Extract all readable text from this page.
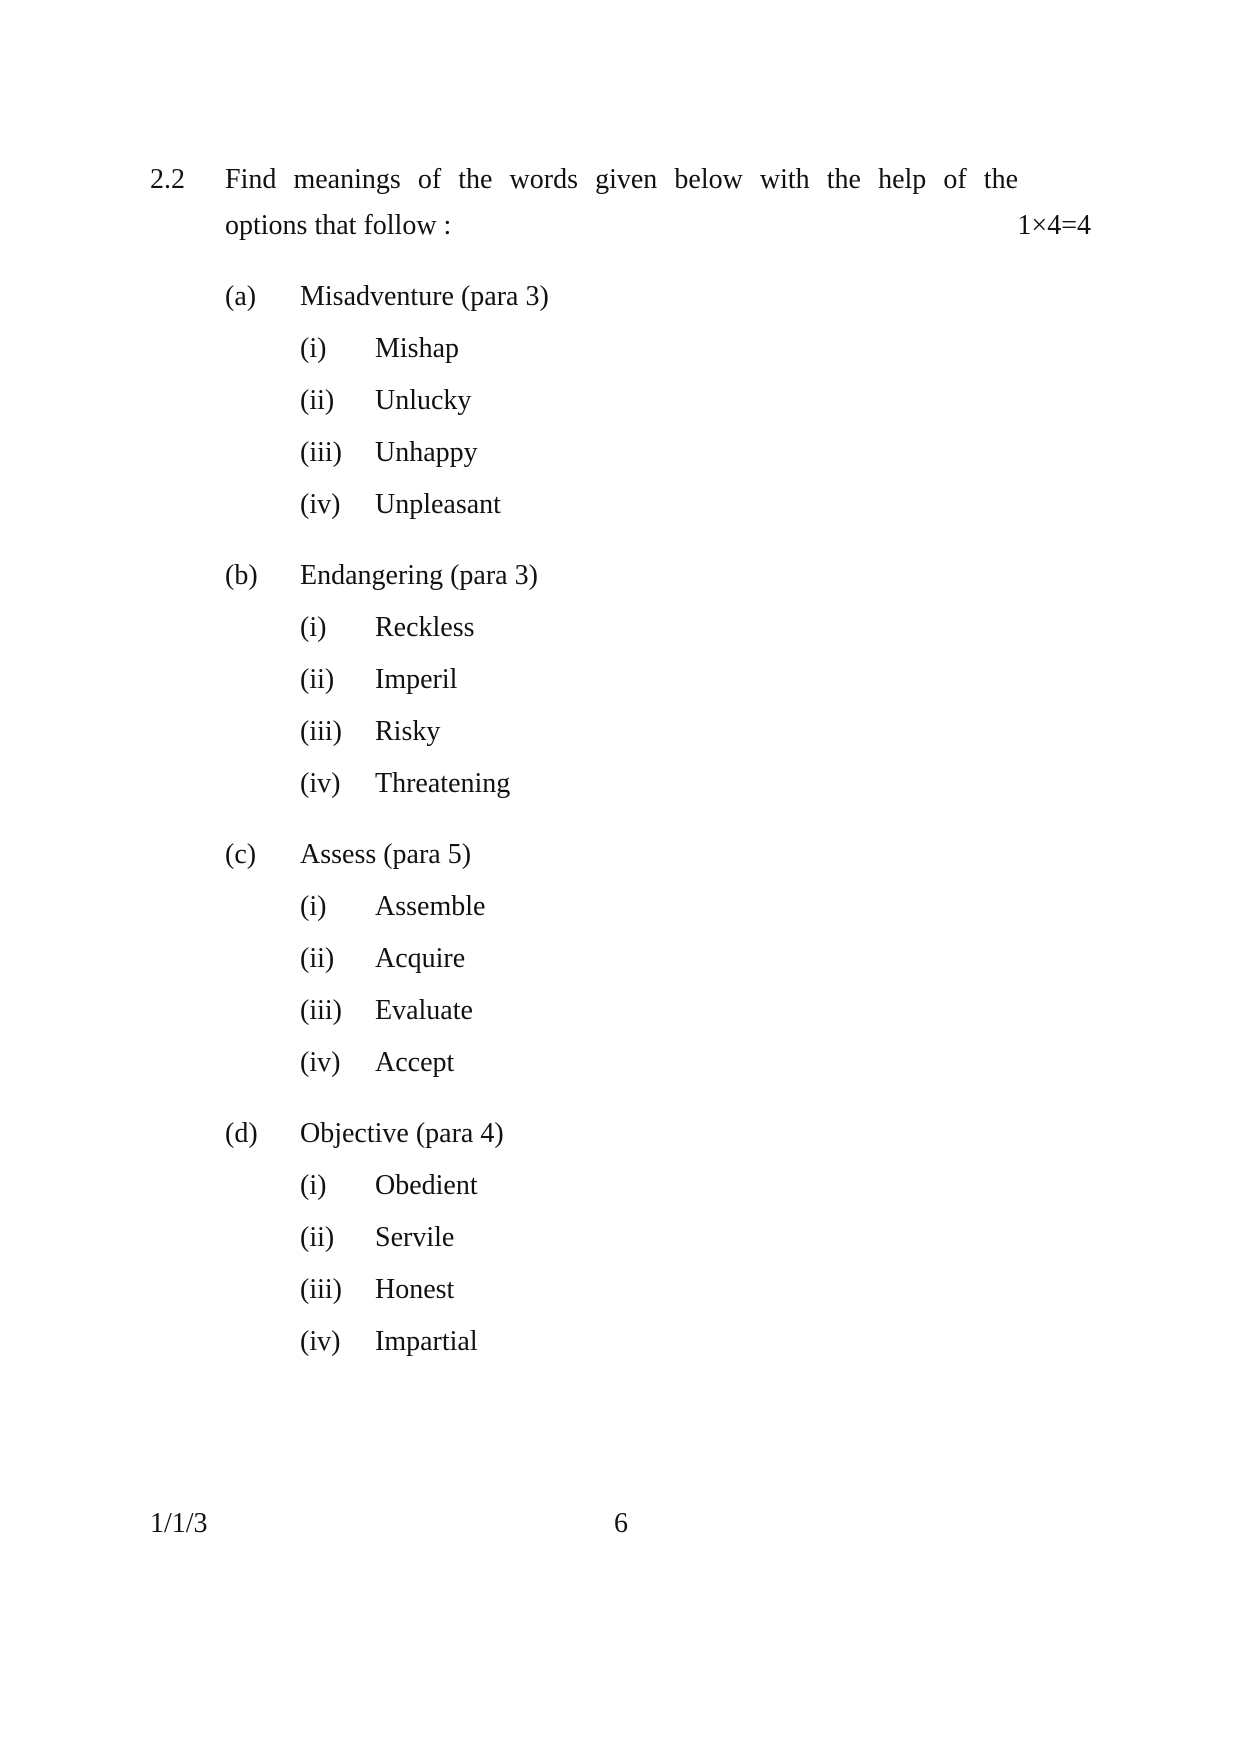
2.2 Find meanings of the words given below with the help of the
options that follow :	1×4=4
(a) Misadventure (para 3)
(i) Mishap
(ii) Unlucky
(iii) Unhappy
(iv) Unpleasant
(b) Endangering (para 3)
(i) Reckless
(ii) Imperil
(iii) Risky
(iv) Threatening
(c) Assess (para 5)
(i) Assemble
(ii) Acquire
(iii) Evaluate
(iv) Accept
(d) Objective (para 4)
(i) Obedient
(ii) Servile
(iii) Honest
(iv) Impartial
1/1/3	6
